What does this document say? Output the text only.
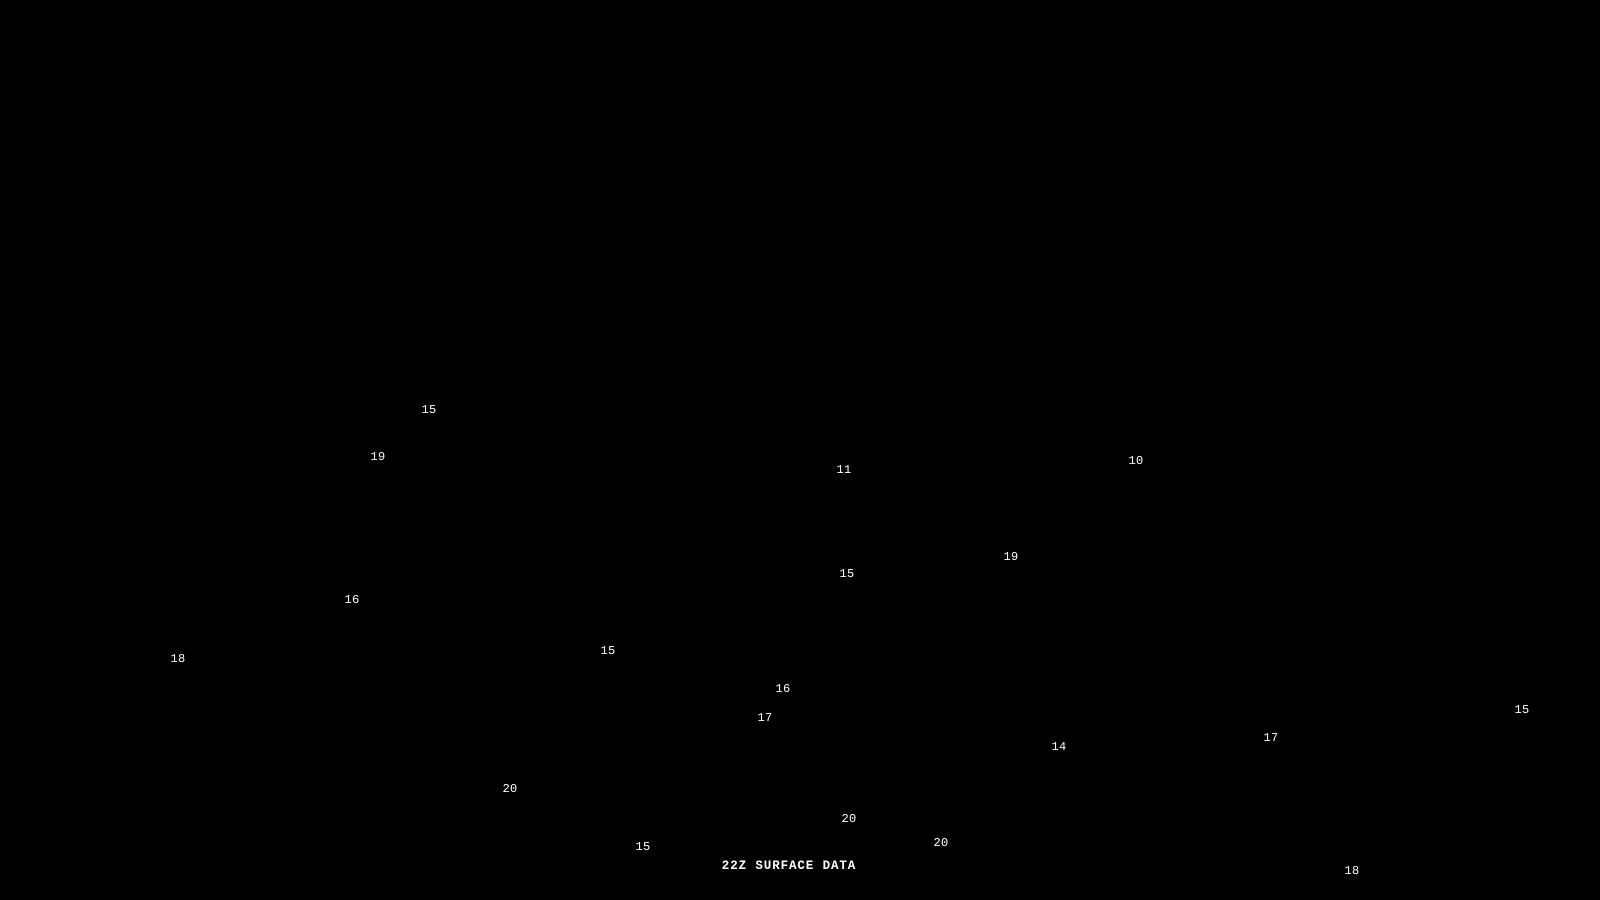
15
19
11
10
19
15
16
15
18
16
15
17
17
14
20
20
20
15
18
22Z SURFACE DATA
